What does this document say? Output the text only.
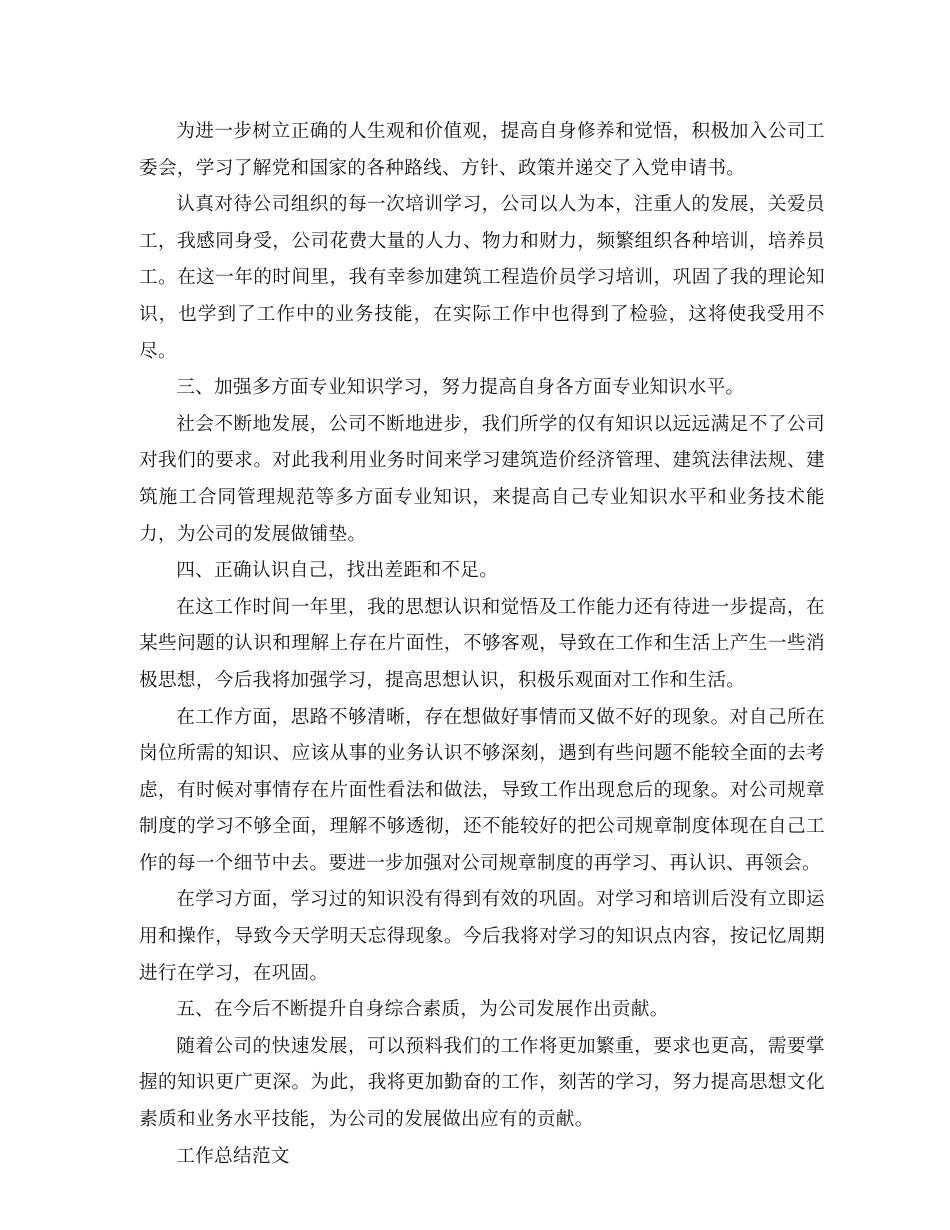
为进一步树立正确的人生观和价值观，提高自身修养和觉悟，积极加入公司工委会，学习了解党和国家的各种路线、方针、政策并递交了入党申请书。

认真对待公司组织的每一次培训学习，公司以人为本，注重人的发展，关爱员工，我感同身受，公司花费大量的人力、物力和财力，频繁组织各种培训，培养员工。在这一年的时间里，我有幸参加建筑工程造价员学习培训，巩固了我的理论知识，也学到了工作中的业务技能，在实际工作中也得到了检验，这将使我受用不尽。

三、加强多方面专业知识学习，努力提高自身各方面专业知识水平。

社会不断地发展，公司不断地进步，我们所学的仅有知识以远远满足不了公司对我们的要求。对此我利用业务时间来学习建筑造价经济管理、建筑法律法规、建筑施工合同管理规范等多方面专业知识，来提高自己专业知识水平和业务技术能力，为公司的发展做铺垫。

四、正确认识自己，找出差距和不足。

在这工作时间一年里，我的思想认识和觉悟及工作能力还有待进一步提高，在某些问题的认识和理解上存在片面性，不够客观，导致在工作和生活上产生一些消极思想，今后我将加强学习，提高思想认识，积极乐观面对工作和生活。

在工作方面，思路不够清晰，存在想做好事情而又做不好的现象。对自己所在岗位所需的知识、应该从事的业务认识不够深刻，遇到有些问题不能较全面的去考虑，有时候对事情存在片面性看法和做法，导致工作出现怠后的现象。对公司规章制度的学习不够全面，理解不够透彻，还不能较好的把公司规章制度体现在自己工作的每一个细节中去。要进一步加强对公司规章制度的再学习、再认识、再领会。

在学习方面，学习过的知识没有得到有效的巩固。对学习和培训后没有立即运用和操作，导致今天学明天忘得现象。今后我将对学习的知识点内容，按记忆周期进行在学习，在巩固。

五、在今后不断提升自身综合素质，为公司发展作出贡献。

随着公司的快速发展，可以预料我们的工作将更加繁重，要求也更高，需要掌握的知识更广更深。为此，我将更加勤奋的工作，刻苦的学习，努力提高思想文化素质和业务水平技能，为公司的发展做出应有的贡献。

工作总结范文
